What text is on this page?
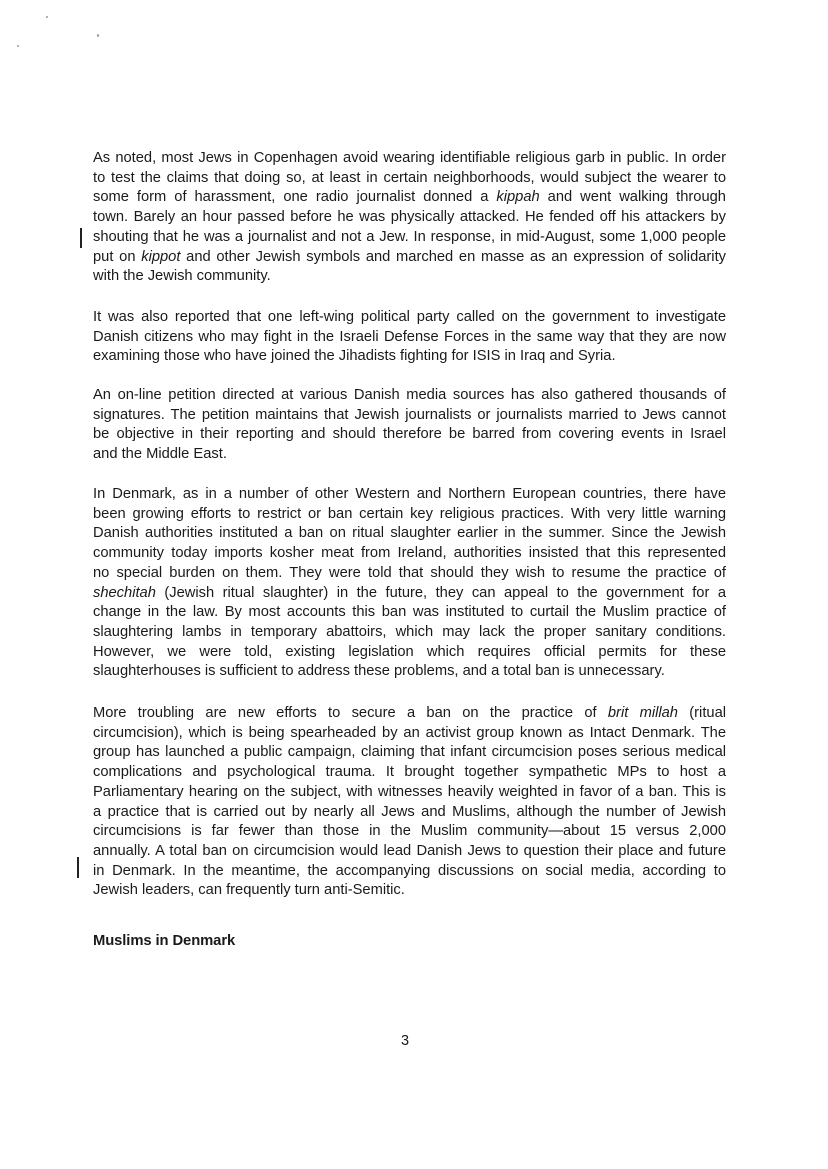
As noted, most Jews in Copenhagen avoid wearing identifiable religious garb in public. In order
to test the claims that doing so, at least in certain neighborhoods, would subject the wearer to
some form of harassment, one radio journalist donned a kippah and went walking through
town. Barely an hour passed before he was physically attacked. He fended off his attackers by
shouting that he was a journalist and not a Jew. In response, in mid-August, some 1,000 people
put on kippot and other Jewish symbols and marched en masse as an expression of solidarity
with the Jewish community.
It was also reported that one left-wing political party called on the government to investigate
Danish citizens who may fight in the Israeli Defense Forces in the same way that they are now
examining those who have joined the Jihadists fighting for ISIS in Iraq and Syria.
An on-line petition directed at various Danish media sources has also gathered thousands of
signatures. The petition maintains that Jewish journalists or journalists married to Jews cannot
be objective in their reporting and should therefore be barred from covering events in Israel
and the Middle East.
In Denmark, as in a number of other Western and Northern European countries, there have
been growing efforts to restrict or ban certain key religious practices. With very little warning
Danish authorities instituted a ban on ritual slaughter earlier in the summer. Since the Jewish
community today imports kosher meat from Ireland, authorities insisted that this represented
no special burden on them. They were told that should they wish to resume the practice of
shechitah (Jewish ritual slaughter) in the future, they can appeal to the government for a
change in the law. By most accounts this ban was instituted to curtail the Muslim practice of
slaughtering lambs in temporary abattoirs, which may lack the proper sanitary conditions.
However, we were told, existing legislation which requires official permits for these
slaughterhouses is sufficient to address these problems, and a total ban is unnecessary.
More troubling are new efforts to secure a ban on the practice of brit millah (ritual
circumcision), which is being spearheaded by an activist group known as Intact Denmark. The
group has launched a public campaign, claiming that infant circumcision poses serious medical
complications and psychological trauma. It brought together sympathetic MPs to host a
Parliamentary hearing on the subject, with witnesses heavily weighted in favor of a ban. This is
a practice that is carried out by nearly all Jews and Muslims, although the number of Jewish
circumcisions is far fewer than those in the Muslim community—about 15 versus 2,000
annually. A total ban on circumcision would lead Danish Jews to question their place and future
in Denmark. In the meantime, the accompanying discussions on social media, according to
Jewish leaders, can frequently turn anti-Semitic.
Muslims in Denmark
3
